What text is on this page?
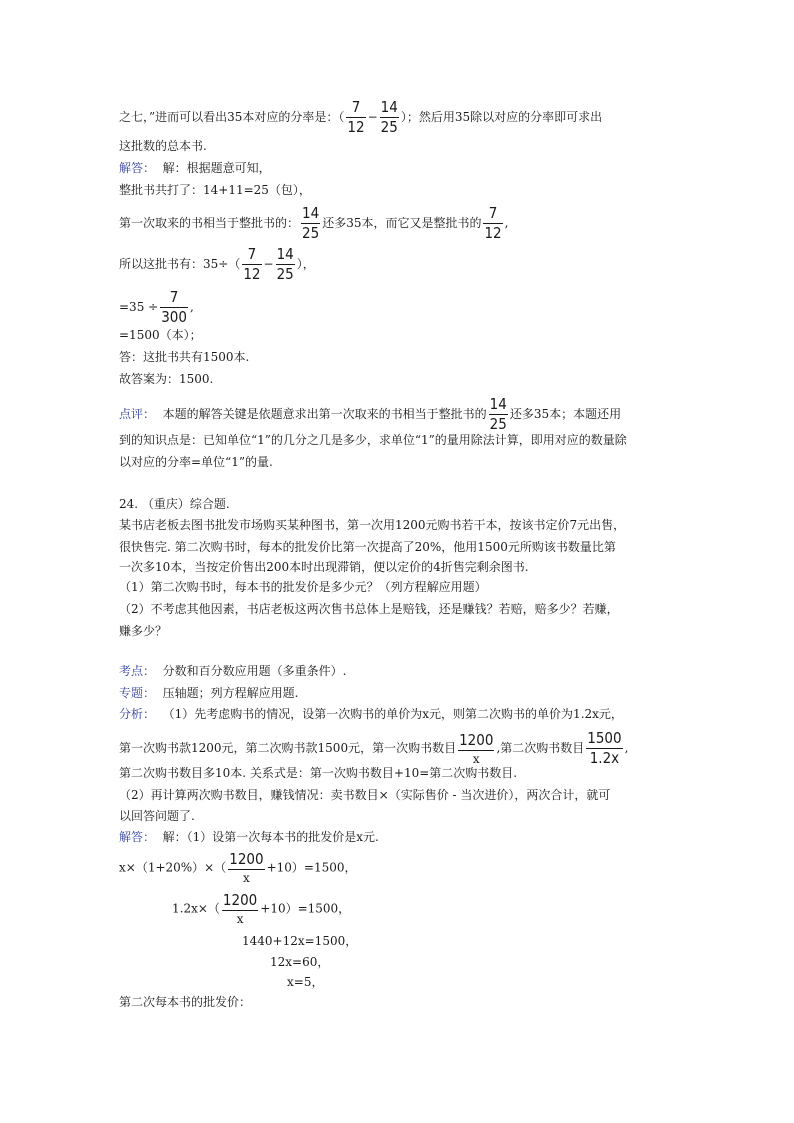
之七，”进而可以看出35本对应的分率是：（ $\frac{7}{12} - \frac{14}{25}$ ）；然后用35除以对应的分率即可求出
这批数的总本书.
解答： 解：根据题意可知，
整批书共打了：14+11=25（包），
第一次取来的书相当于整批书的： $\frac{14}{25}$ 还多35本，而它又是整批书的 $\frac{7}{12}$ ,
所以这批书有：$35\div( \frac{7}{12} - \frac{14}{25}$ ），
$=35 \div \frac{7}{300}$ ,
=1500（本）；
答：这批书共有1500本.
故答案为：1500.
点评： 本题的解答关键是依题意求出第一次取来的书相当于整批书的 $\frac{14}{25}$ 还多35本；本题还用
到的知识点是：已知单位“1”的几分之几是多少，求单位“1”的量用除法计算，即用对应的数量除
以对应的分率=单位“1”的量.
24. （重庆）综合题.
某书店老板去图书批发市场购买某种图书，第一次用1200元购书若干本，按该书定价7元出售，
很快售完. 第二次购书时，每本的批发价比第一次提高了20%，他用1500元所购该书数量比第
一次多10本，当按定价售出200本时出现滞销，便以定价的4折售完剩余图书.
（1）第二次购书时，每本书的批发价是多少元？（列方程解应用题）
（2）不考虑其他因素，书店老板这两次售书总体上是赔钱，还是赚钱？若赔，赔多少？若赚，
赚多少？
考点： 分数和百分数应用题（多重条件）.
专题： 压轴题；列方程解应用题.
分析： （1）先考虑购书的情况，设第一次购书的单价为x元，则第二次购书的单价为1.2x元，
第一次购书款1200元，第二次购书款1500元，第一次购书数目 $\frac{1200}{x}$ ,第二次购书数目 $\frac{1500}{1.2x}$ ,
第二次购书数目多10本. 关系式是：第一次购书数目+10=第二次购书数目.
（2）再计算两次购书数目，赚钱情况：卖书数目×（实际售价 - 当次进价），两次合计，就可
以回答问题了.
解答： 解：（1）设第一次每本书的批发价是x元.
$x\times(1+20\%)\times( \frac{1200}{x} +10)=1500$，
$1.2x\times( \frac{1200}{x} +10)=1500$，
1440+12x=1500，
12x=60，
x=5，
第二次每本书的批发价：
